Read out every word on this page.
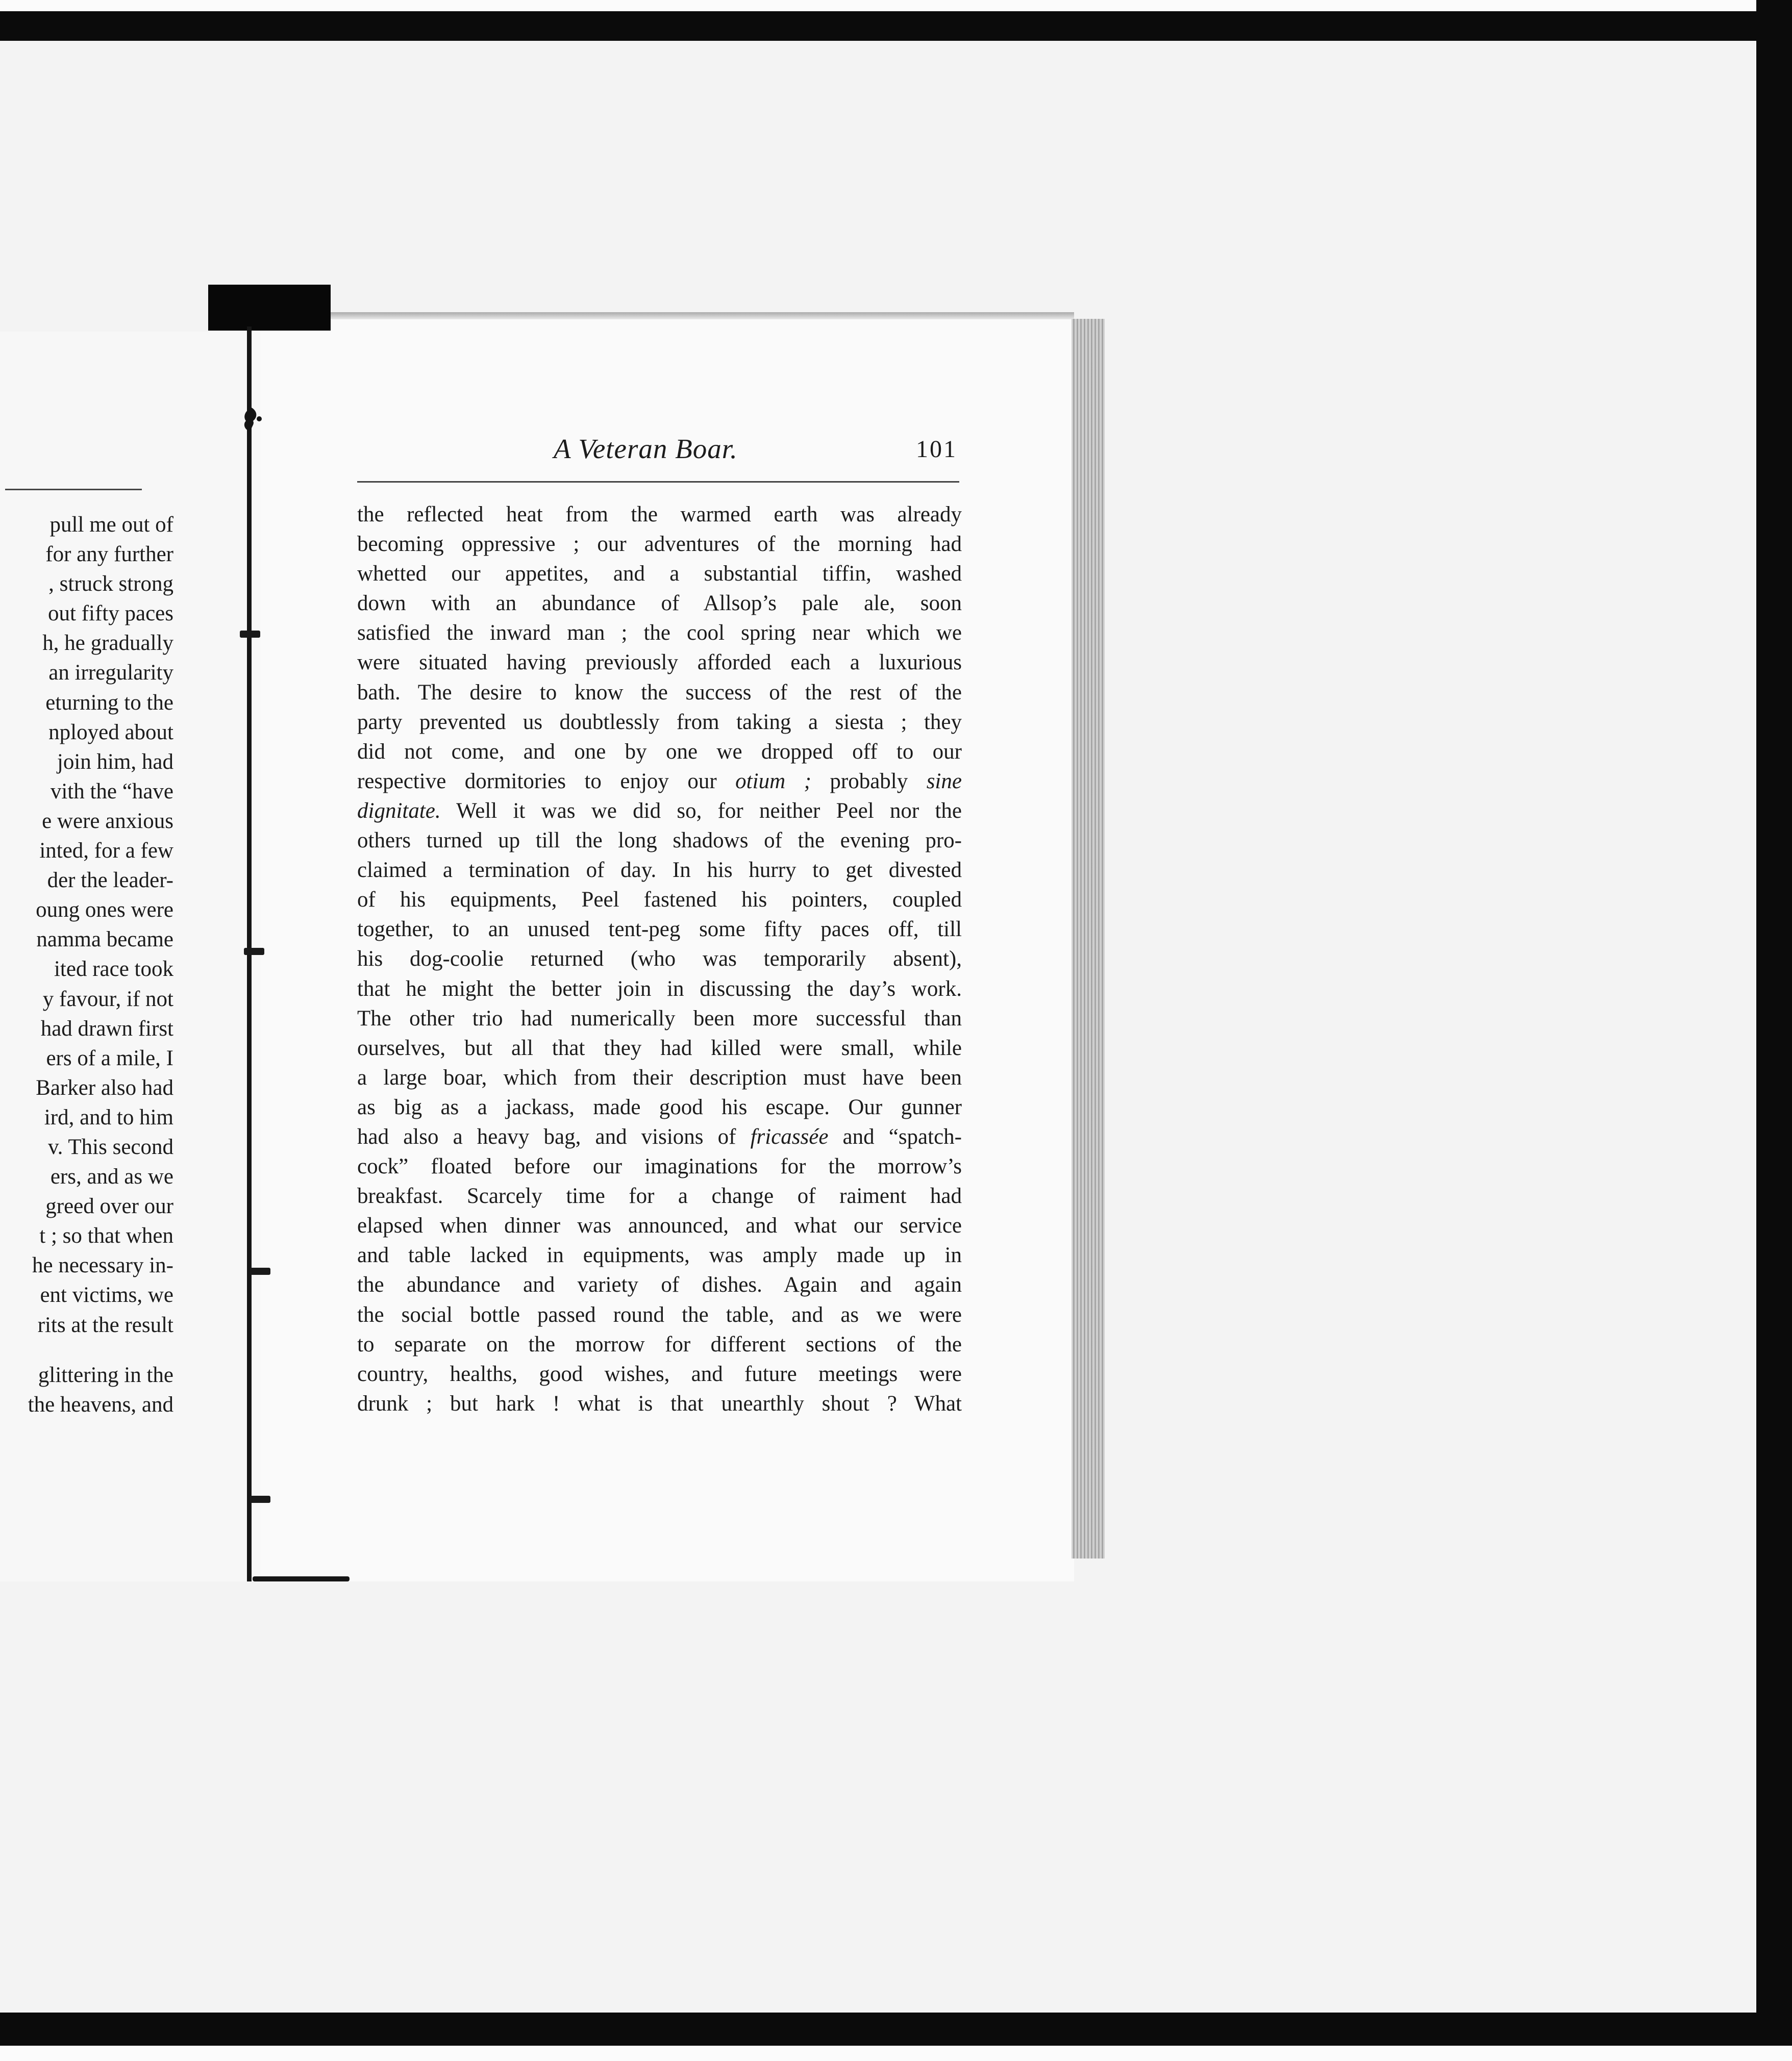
pull me out of
for any further
, struck strong
out fifty paces
h, he gradually
an irregularity
eturning to the
nployed about
join him, had
vith the “have
e were anxious
inted, for a few
der the leader-
oung ones were
namma became
ited race took
y favour, if not
had drawn first
ers of a mile, I
Barker also had
ird, and to him
v. This second
ers, and as we
greed over our
t ; so that when
he necessary in-
ent victims, we
rits at the result
glittering in the
the heavens, and
A Veteran Boar.	101
the reflected heat from the warmed earth was already
becoming oppressive ; our adventures of the morning had
whetted our appetites, and a substantial tiffin, washed
down with an abundance of Allsop’s pale ale, soon
satisfied the inward man ; the cool spring near which we
were situated having previously afforded each a luxurious
bath. The desire to know the success of the rest of the
party prevented us doubtlessly from taking a siesta ; they
did not come, and one by one we dropped off to our
respective dormitories to enjoy our otium ; probably sine
dignitate. Well it was we did so, for neither Peel nor the
others turned up till the long shadows of the evening pro-
claimed a termination of day. In his hurry to get divested
of his equipments, Peel fastened his pointers, coupled
together, to an unused tent-peg some fifty paces off, till
his dog-coolie returned (who was temporarily absent),
that he might the better join in discussing the day’s work.
The other trio had numerically been more successful than
ourselves, but all that they had killed were small, while
a large boar, which from their description must have been
as big as a jackass, made good his escape. Our gunner
had also a heavy bag, and visions of fricassée and “spatch-
cock” floated before our imaginations for the morrow’s
breakfast. Scarcely time for a change of raiment had
elapsed when dinner was announced, and what our service
and table lacked in equipments, was amply made up in
the abundance and variety of dishes. Again and again
the social bottle passed round the table, and as we were
to separate on the morrow for different sections of the
country, healths, good wishes, and future meetings were
drunk ; but hark ! what is that unearthly shout ? What
